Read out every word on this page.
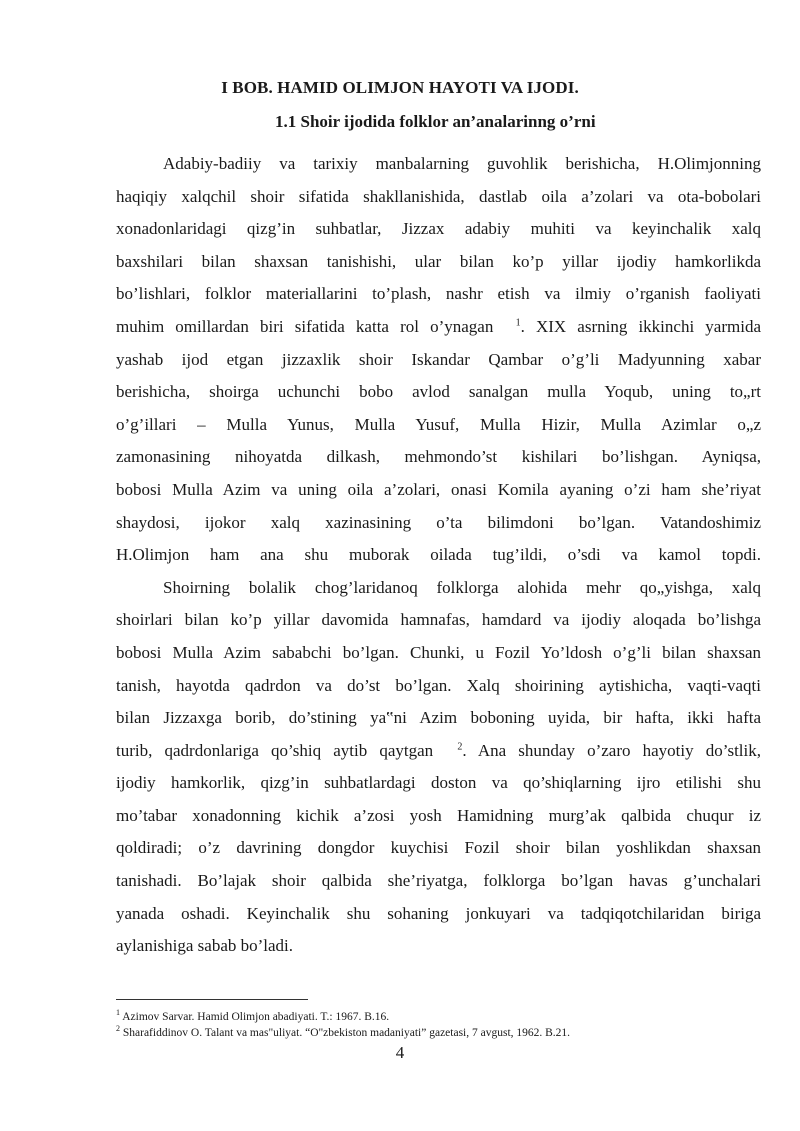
I BOB. HAMID OLIMJON HAYOTI VA IJODI.
1.1 Shoir ijodida folklor an’analarinng o’rni
Adabiy-badiiy va tarixiy manbalarning guvohlik berishicha, H.Olimjonning
haqiqiy xalqchil shoir sifatida shakllanishida, dastlab oila a’zolari va ota-bobolari
xonadonlaridagi qizg’in suhbatlar, Jizzax adabiy muhiti va keyinchalik xalq
baxshilari bilan shaxsan tanishishi, ular bilan ko’p yillar ijodiy hamkorlikda
bo’lishlari, folklor materiallarini to’plash, nashr etish va ilmiy o’rganish faoliyati
muhim omillardan biri sifatida katta rol o’ynagan $^1$. XIX asrning ikkinchi yarmida
yashab ijod etgan jizzaxlik shoir Iskandar Qambar o’g’li Madyunning xabar
berishicha, shoirga uchunchi bobo avlod sanalgan mulla Yoqub, uning to„rt
o’g’illari – Mulla Yunus, Mulla Yusuf, Mulla Hizir, Mulla Azimlar o„z
zamonasining nihoyatda dilkash, mehmondo’st kishilari bo’lishgan. Ayniqsa,
bobosi Mulla Azim va uning oila a’zolari, onasi Komila ayaning o’zi ham she’riyat
shaydosi, ijokor xalq xazinasining o’ta bilimdoni bo’lgan. Vatandoshimiz
H.Olimjon ham ana shu muborak oilada tug’ildi, o’sdi va kamol topdi.
Shoirning bolalik chog’laridanoq folklorga alohida mehr qo„yishga, xalq
shoirlari bilan ko’p yillar davomida hamnafas, hamdard va ijodiy aloqada bo’lishga
bobosi Mulla Azim sababchi bo’lgan. Chunki, u Fozil Yo’ldosh o’g’li bilan shaxsan
tanish, hayotda qadrdon va do’st bo’lgan. Xalq shoirining aytishicha, vaqti-vaqti
bilan Jizzaxga borib, do’stining ya‟ni Azim boboning uyida, bir hafta, ikki hafta
turib, qadrdonlariga qo’shiq aytib qaytgan $^2$. Ana shunday o’zaro hayotiy do’stlik,
ijodiy hamkorlik, qizg’in suhbatlardagi doston va qo’shiqlarning ijro etilishi shu
mo’tabar xonadonning kichik a’zosi yosh Hamidning murg’ak qalbida chuqur iz
qoldiradi; o’z davrining dongdor kuychisi Fozil shoir bilan yoshlikdan shaxsan
tanishadi. Bo’lajak shoir qalbida she’riyatga, folklorga bo’lgan havas g’unchalari
yanada oshadi. Keyinchalik shu sohaning jonkuyari va tadqiqotchilaridan biriga
aylanishiga sabab bo’ladi.
$^1$ Azimov Sarvar. Hamid Olimjon abadiyati. T.: 1967. B.16.
$^2$ Sharafiddinov O. Talant va mas"uliyat. “O"zbekiston madaniyati” gazetasi, 7 avgust, 1962. B.21.
4
